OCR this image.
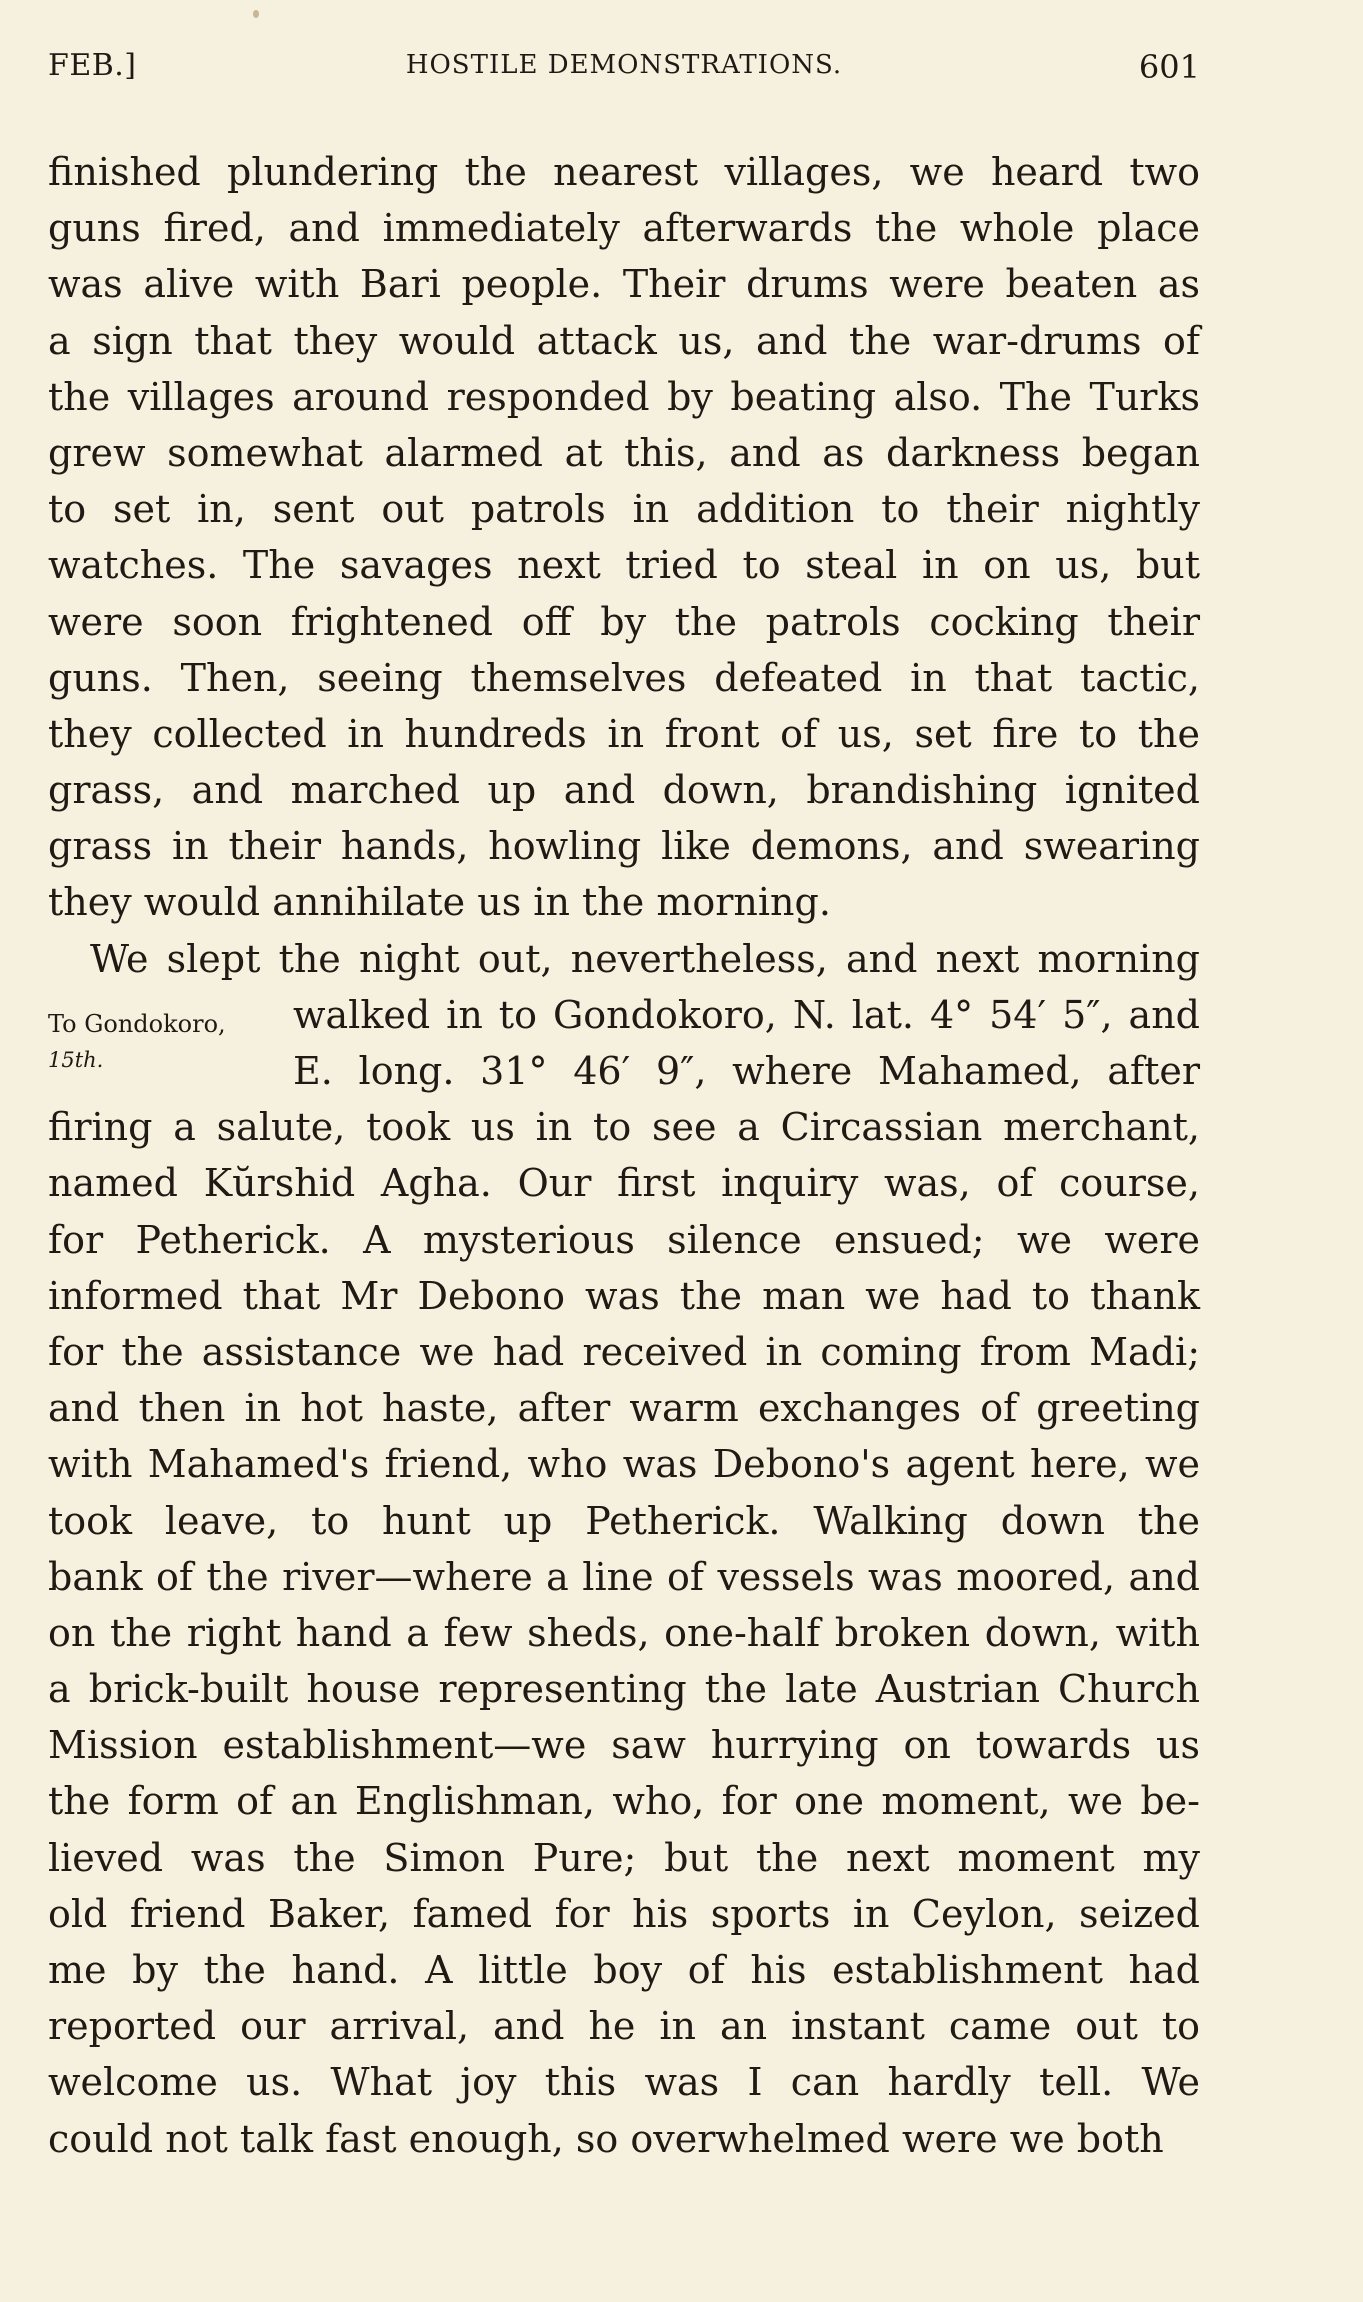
FEB.]	HOSTILE DEMONSTRATIONS.	601
To Gondokoro,
15th.
finished plundering the nearest villages, we heard two
guns fired, and immediately afterwards the whole place
was alive with Bari people. Their drums were beaten as
a sign that they would attack us, and the war-drums of
the villages around responded by beating also. The Turks
grew somewhat alarmed at this, and as darkness began
to set in, sent out patrols in addition to their nightly
watches. The savages next tried to steal in on us, but
were soon frightened off by the patrols cocking their
guns. Then, seeing themselves defeated in that tactic,
they collected in hundreds in front of us, set fire to the
grass, and marched up and down, brandishing ignited
grass in their hands, howling like demons, and swearing
they would annihilate us in the morning.
We slept the night out, nevertheless, and next morning
walked in to Gondokoro, N. lat. 4° 54′ 5″, and
E. long. 31° 46′ 9″, where Mahamed, after
firing a salute, took us in to see a Circassian merchant,
named Kŭrshid Agha. Our first inquiry was, of course,
for Petherick. A mysterious silence ensued; we were
informed that Mr Debono was the man we had to thank
for the assistance we had received in coming from Madi;
and then in hot haste, after warm exchanges of greeting
with Mahamed's friend, who was Debono's agent here, we
took leave, to hunt up Petherick. Walking down the
bank of the river—where a line of vessels was moored, and
on the right hand a few sheds, one-half broken down, with
a brick-built house representing the late Austrian Church
Mission establishment—we saw hurrying on towards us
the form of an Englishman, who, for one moment, we be-
lieved was the Simon Pure; but the next moment my
old friend Baker, famed for his sports in Ceylon, seized
me by the hand. A little boy of his establishment had
reported our arrival, and he in an instant came out to
welcome us. What joy this was I can hardly tell. We
could not talk fast enough, so overwhelmed were we both
